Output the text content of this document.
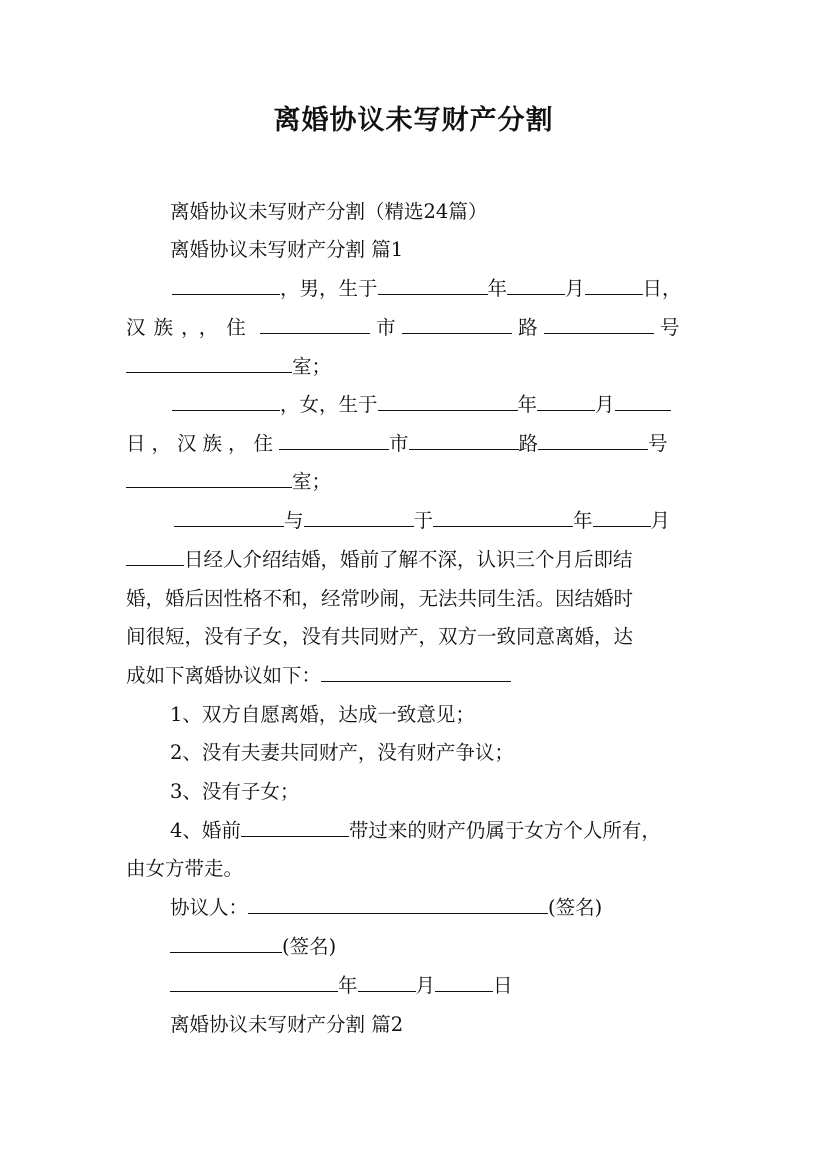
离婚协议未写财产分割
离婚协议未写财产分割（精选24篇）
离婚协议未写财产分割 篇1
，男，生于	年	月	日，
汉族，，住	市	路	号
室；
，女，生于	年	月
日，汉族，住	市	路	号
室；
与	于	年	月
日经人介绍结婚，婚前了解不深，认识三个月后即结
婚，婚后因性格不和，经常吵闹，无法共同生活。因结婚时
间很短，没有子女，没有共同财产，双方一致同意离婚，达
成如下离婚协议如下：
1、双方自愿离婚，达成一致意见；
2、没有夫妻共同财产，没有财产争议；
3、没有子女；
4、婚前	带过来的财产仍属于女方个人所有，
由女方带走。
协议人：	(签名)
(签名)
年	月	日
离婚协议未写财产分割 篇2
